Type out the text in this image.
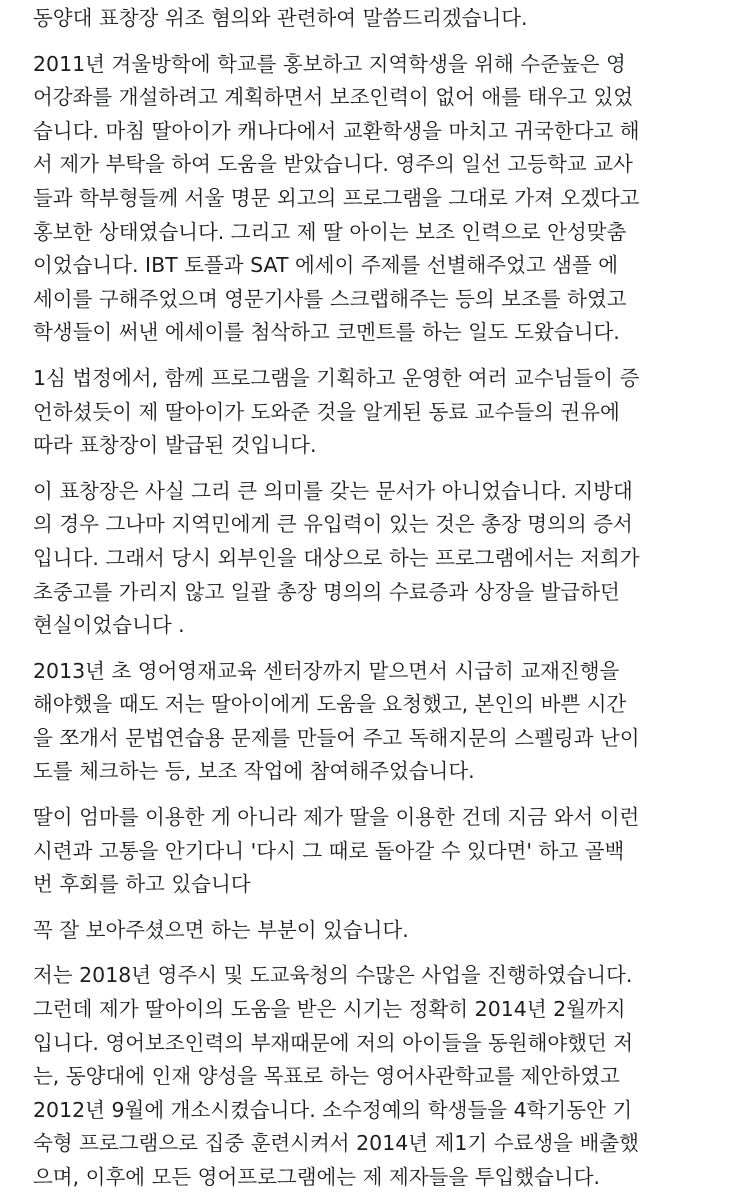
동양대 표창장 위조 혐의와 관련하여 말씀드리겠습니다.

2011년 겨울방학에 학교를 홍보하고 지역학생을 위해 수준높은 영
어강좌를 개설하려고 계획하면서 보조인력이 없어 애를 태우고 있었
습니다. 마침 딸아이가 캐나다에서 교환학생을 마치고 귀국한다고 해
서 제가 부탁을 하여 도움을 받았습니다. 영주의 일선 고등학교 교사
들과 학부형들께 서울 명문 외고의 프로그램을 그대로 가져 오겠다고
홍보한 상태였습니다. 그리고 제 딸 아이는 보조 인력으로 안성맞춤
이었습니다. IBT 토플과 SAT 에세이 주제를 선별해주었고 샘플 에
세이를 구해주었으며 영문기사를 스크랩해주는 등의 보조를 하였고
학생들이 써낸 에세이를 첨삭하고 코멘트를 하는 일도 도왔습니다.

1심 법정에서, 함께 프로그램을 기획하고 운영한 여러 교수님들이 증
언하셨듯이 제 딸아이가 도와준 것을 알게된 동료 교수들의 권유에
따라 표창장이 발급된 것입니다.

이 표창장은 사실 그리 큰 의미를 갖는 문서가 아니었습니다. 지방대
의 경우 그나마 지역민에게 큰 유입력이 있는 것은 총장 명의의 증서
입니다. 그래서 당시 외부인을 대상으로 하는 프로그램에서는 저희가
초중고를 가리지 않고 일괄 총장 명의의 수료증과 상장을 발급하던
현실이었습니다 .

2013년 초 영어영재교육 센터장까지 맡으면서 시급히 교재진행을
해야했을 때도 저는 딸아이에게 도움을 요청했고, 본인의 바쁜 시간
을 쪼개서 문법연습용 문제를 만들어 주고 독해지문의 스펠링과 난이
도를 체크하는 등, 보조 작업에 참여해주었습니다.

딸이 엄마를 이용한 게 아니라 제가 딸을 이용한 건데 지금 와서 이런
시련과 고통을 안기다니 '다시 그 때로 돌아갈 수 있다면' 하고 골백
번 후회를 하고 있습니다

꼭 잘 보아주셨으면 하는 부분이 있습니다.

저는 2018년 영주시 및 도교육청의 수많은 사업을 진행하였습니다.
그런데 제가 딸아이의 도움을 받은 시기는 정확히 2014년 2월까지
입니다. 영어보조인력의 부재때문에 저의 아이들을 동원해야했던 저
는, 동양대에 인재 양성을 목표로 하는 영어사관학교를 제안하였고
2012년 9월에 개소시켰습니다. 소수정예의 학생들을 4학기동안 기
숙형 프로그램으로 집중 훈련시켜서 2014년 제1기 수료생을 배출했
으며, 이후에 모든 영어프로그램에는 제 제자들을 투입했습니다.
